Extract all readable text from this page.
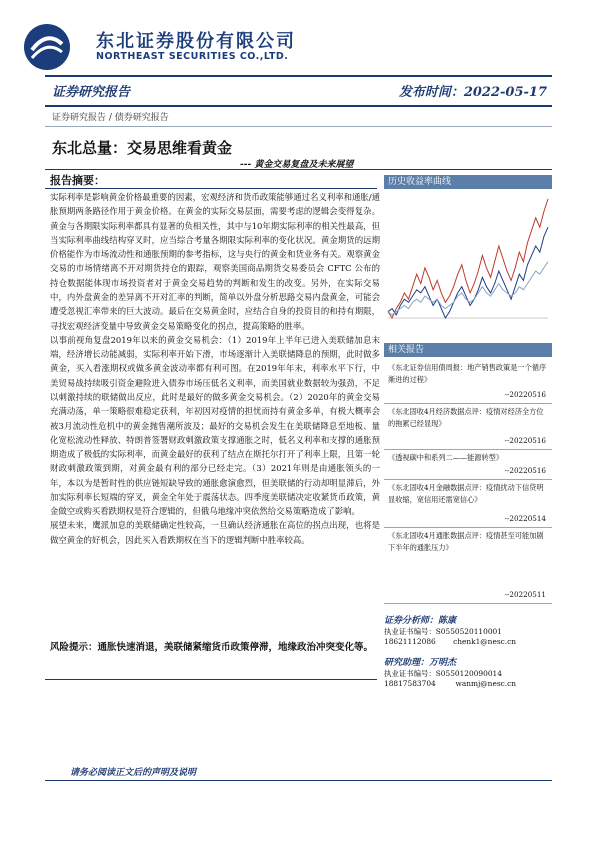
东北证券股份有限公司
NORTHEAST SECURITIES CO.,LTD.
证券研究报告	发布时间：2022-05-17
证券研究报告 / 债券研究报告
东北总量：交易思维看黄金
--- 黄金交易复盘及未来展望
报告摘要：

实际利率是影响黄金价格最重要的因素，宏观经济和货币政策能够通过名义利率和通胀/通胀预期两条路径作用于黄金价格。在黄金的实际交易层面，需要考虑的逻辑会变得复杂。黄金与各期限实际利率都具有显著的负相关性，其中与10年期实际利率的相关性最高，但当实际利率曲线结构穿叉时，应当综合考量各期限实际利率的变化状况。黄金期货的远期价格能作为市场流动性和通胀预期的参考指标，这与央行的黄金和货业务有关。观察黄金交易的市场情绪离不开对期货持仓的跟踪，观察美国商品期货交易委员会 CFTC 公布的持仓数据能体现市场投资者对于黄金交易趋势的判断和发生的改变。另外，在实际交易中，内外盘黄金的差异离不开对汇率的判断，简单以外盘分析思路交易内盘黄金，可能会遭受忽视汇率带来的巨大波动。最后在交易黄金时，应结合自身的投资目的和持有期限，寻找宏观经济变量中导致黄金交易策略变化的拐点，提高策略的胜率。

以事前视角复盘2019年以来的黄金交易机会：（1）2019年上半年已进入美联储加息末端，经济增长动能减弱，实际利率开始下滑，市场逐渐计入美联储降息的预期，此时做多黄金，买入看涨期权或做多黄金波动率都有利可图。在2019年年末，利率水平下行，中美贸易战持续吸引资金避险进入债券市场压低名义利率，而美国就业数据较为强劲，不足以刺激持续的联储做出反应，此时是最好的做多黄金交易机会。（2）2020年的黄金交易充满动荡，单一策略很难稳定获利，年初因对疫情的担忧而持有黄金多单，有极大概率会被3月流动性危机中的黄金抛售潮所波及；最好的交易机会发生在美联储降息至地板、量化宽松流动性释放、特朗普签署财政刺激政策支撑通胀之时，低名义利率和支撑的通胀预期造成了极低的实际利率，而黄金最好的获利了结点在斯托尔打开了利率上限，且第一轮财政刺激政策到期，对黄金最有利的部分已经走完。（3）2021年则是由通胀领头的一年，本以为是暂时性的供应链短缺导致的通胀愈演愈烈，但美联储的行动却明显滞后，外加实际利率长短端的穿叉，黄金全年处于震荡状态。四季度美联储决定收紧货币政策，黄金做空或购买看跌期权是符合逻辑的，但俄乌地缘冲突依然给交易策略造成了影响。

展望未来，鹰派加息的美联储确定性较高，一旦确认经济通胀在高位的拐点出现，也将是做空黄金的好机会，因此买入看跌期权在当下的逻辑判断中胜率较高。

风险提示：通胀快速消退，美联储紧缩货币政策停滞，地缘政治冲突变化等。
请务必阅读正文后的声明及说明
历史收益率曲线
相关报告
《东北证券信用债周报：地产销售政策是一个循序渐进的过程》
--20220516
《东北固收4月经济数据点评：疫情对经济全方位的拖累已经显现》
--20220516
《透视碳中和系列二——能源转型》
--20220516
《东北固收4月金融数据点评：疫情扰动下信贷明显收缩，宽信用还需宽信心》
--20220514
《东北固收4月通胀数据点评：疫情甚至可能加剧下半年的通胀压力》
--20220511
证券分析师：陈康
执业证书编号：S0550520110001
18621112086 chenk1@nesc.cn
研究助理：万明杰
执业证书编号：S0550120090014
18817583704	wanmj@nesc.cn
